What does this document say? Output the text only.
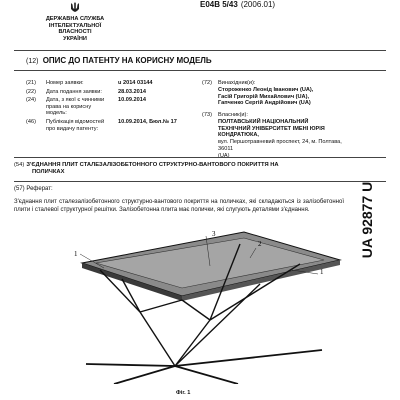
E04B 5/43 (2006.01)
ДЕРЖАВНА СЛУЖБА
ІНТЕЛЕКТУАЛЬНОЇ
ВЛАСНОСТІ
УКРАЇНИ
(12) ОПИС ДО ПАТЕНТУ НА КОРИСНУ МОДЕЛЬ
(21) Номер заявки:	u 2014 03144
(22) Дата подання заявки:	28.03.2014
(24) Дата, з якої є чинними
права на корисну
модель:
10.09.2014
(46) Публікація відомостей
про видачу патенту:
10.09.2014, Бюл.№ 17
(72) Винахідник(и):
Стороженко Леонід Іванович (UA),
Гасій Григорій Михайлович (UA),
Гапченко Сергій Андрійович (UA)
(73) Власник(и):
ПОЛТАВСЬКИЙ НАЦІОНАЛЬНИЙ
ТЕХНІЧНИЙ УНІВЕРСИТЕТ ІМЕНІ ЮРІЯ
КОНДРАТЮКА,
вул. Першотравневий проспект, 24, м. Полтава, 36011
(UA)
(54) З'ЄДНАННЯ ПЛИТ СТАЛЕЗАЛІЗОБЕТОННОГО СТРУКТУРНО-ВАНТОВОГО ПОКРИТТЯ НА
ПОЛИЧКАХ
(57) Реферат:
З'єднання плит сталезалізобетонного структурно-вантового покриття на поличках, які складаються із залізобетонної плити і сталевої структурної решітки. Залізобетонна плита має полички, які слугують деталями з'єднання.	UA 92877 U
1
2
3
1
Фіг. 1
